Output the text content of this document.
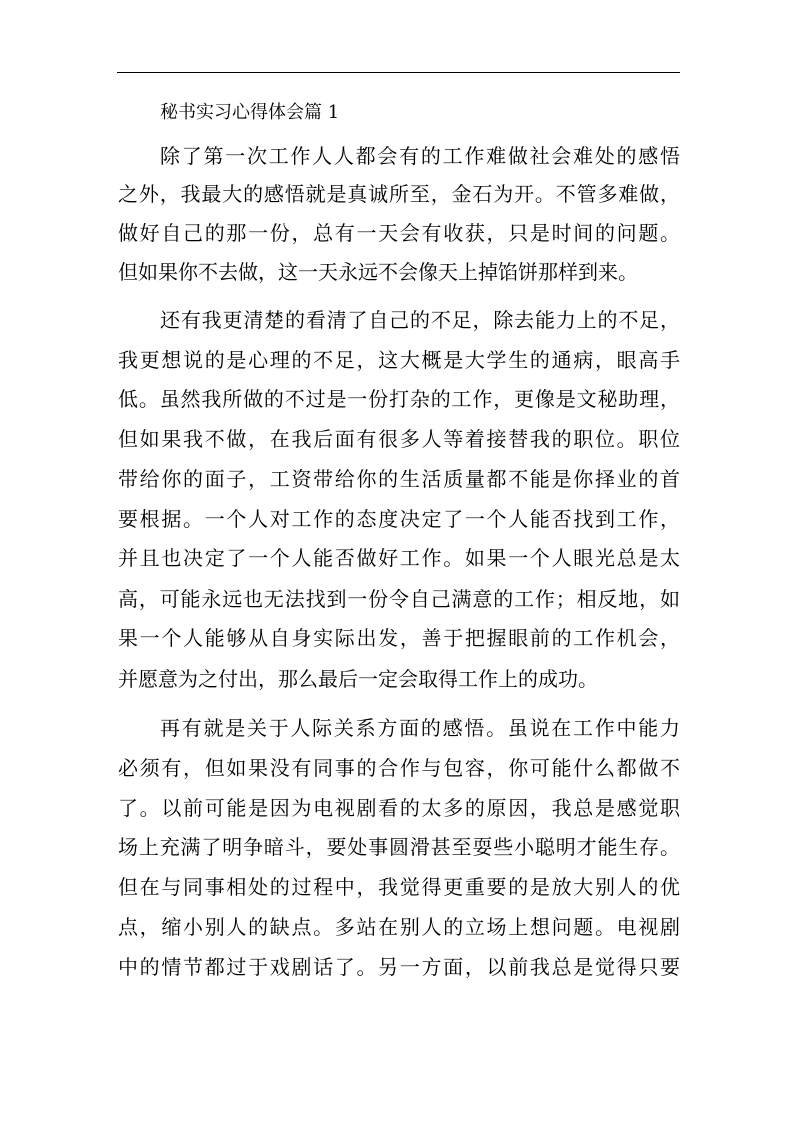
秘书实习心得体会篇 1
除了第一次工作人人都会有的工作难做社会难处的感悟
之外，我最大的感悟就是真诚所至，金石为开。不管多难做，
做好自己的那一份，总有一天会有收获，只是时间的问题。
但如果你不去做，这一天永远不会像天上掉馅饼那样到来。
还有我更清楚的看清了自己的不足，除去能力上的不足，
我更想说的是心理的不足，这大概是大学生的通病，眼高手
低。虽然我所做的不过是一份打杂的工作，更像是文秘助理，
但如果我不做，在我后面有很多人等着接替我的职位。职位
带给你的面子，工资带给你的生活质量都不能是你择业的首
要根据。一个人对工作的态度决定了一个人能否找到工作，
并且也决定了一个人能否做好工作。如果一个人眼光总是太
高，可能永远也无法找到一份令自己满意的工作；相反地，如
果一个人能够从自身实际出发，善于把握眼前的工作机会，
并愿意为之付出，那么最后一定会取得工作上的成功。
再有就是关于人际关系方面的感悟。虽说在工作中能力
必须有，但如果没有同事的合作与包容，你可能什么都做不
了。以前可能是因为电视剧看的太多的原因，我总是感觉职
场上充满了明争暗斗，要处事圆滑甚至耍些小聪明才能生存。
但在与同事相处的过程中，我觉得更重要的是放大别人的优
点，缩小别人的缺点。多站在别人的立场上想问题。电视剧
中的情节都过于戏剧话了。另一方面，以前我总是觉得只要
